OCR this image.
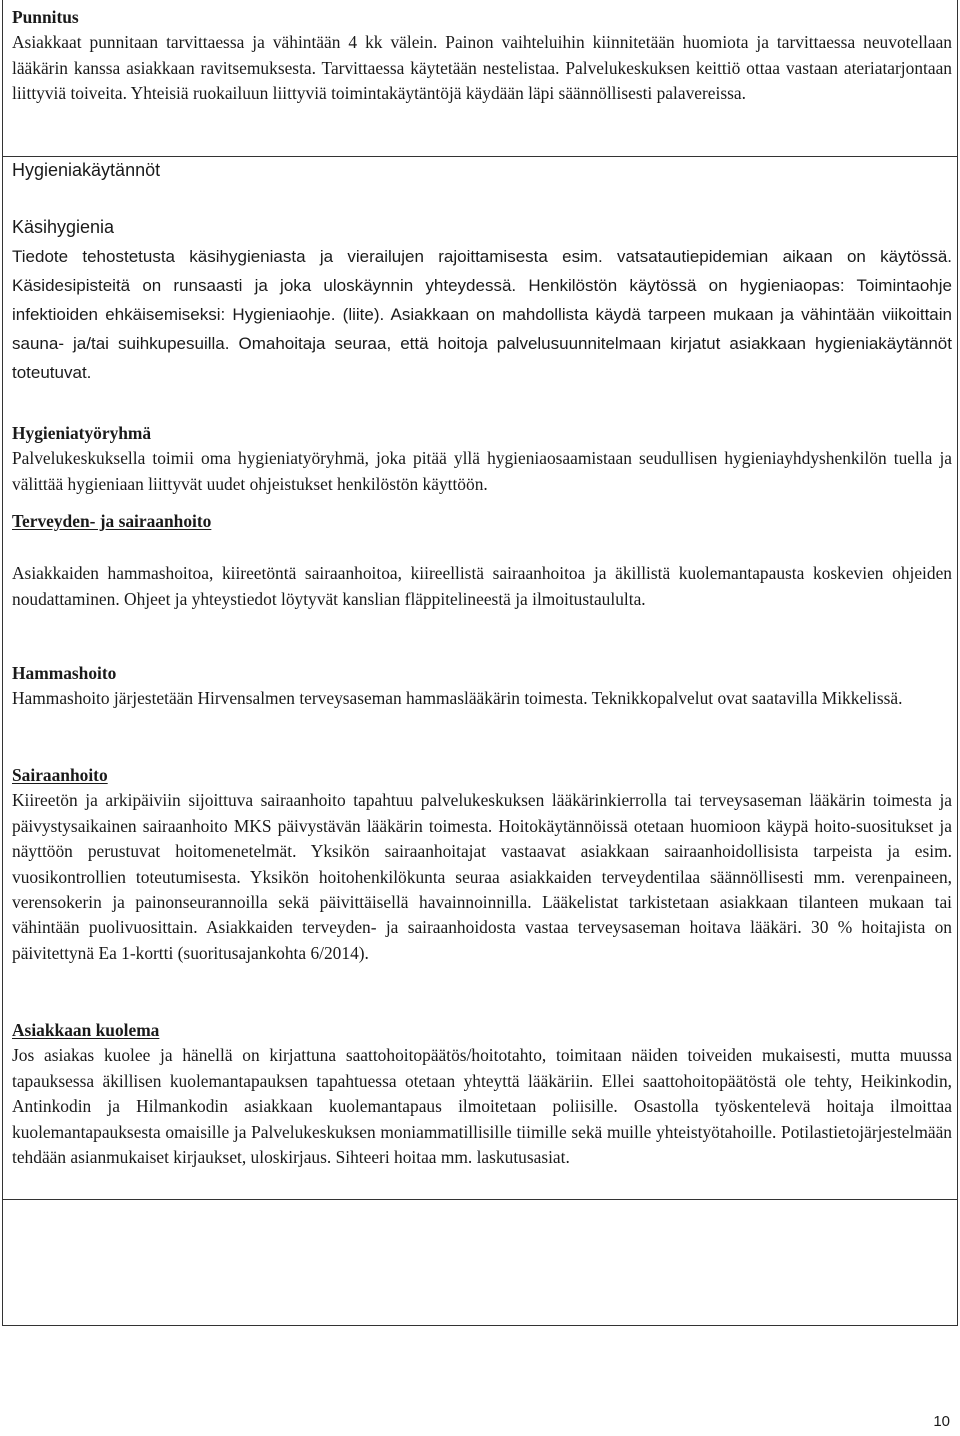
Punnitus

Asiakkaat punnitaan tarvittaessa ja vähintään 4 kk välein. Painon vaihteluihin kiinnitetään huomiota ja tarvittaessa neuvotellaan lääkärin kanssa asiakkaan ravitsemuksesta. Tarvittaessa käytetään nestelistaa. Palvelukeskuksen keittiö ottaa vastaan ateriatarjontaan liittyviä toiveita. Yhteisiä ruokailuun liittyviä toimintakäytäntöjä käydään läpi säännöllisesti palavereissa.

Hygieniakäytännöt
Käsihygienia

Tiedote tehostetusta käsihygieniasta ja vierailujen rajoittamisesta esim. vatsatautiepidemian aikaan on käytössä. Käsidesipisteitä on runsaasti ja joka uloskäynnin yhteydessä. Henkilöstön käytössä on hygieniaopas: Toimintaohje infektioiden ehkäisemiseksi: Hygieniaohje. (liite). Asiakkaan on mahdollista käydä tarpeen mukaan ja vähintään viikoittain sauna- ja/tai suihkupesuilla. Omahoitaja seuraa, että hoitoja palvelusuunnitelmaan kirjatut asiakkaan hygieniakäytännöt toteutuvat.

Hygieniatyöryhmä

Palvelukeskuksella toimii oma hygieniatyöryhmä, joka pitää yllä hygieniaosaamistaan seudullisen hygieniayhdyshenkilön tuella ja välittää hygieniaan liittyvät uudet ohjeistukset henkilöstön käyttöön.

Terveyden- ja sairaanhoito

Asiakkaiden hammashoitoa, kiireetöntä sairaanhoitoa, kiireellistä sairaanhoitoa ja äkillistä kuolemantapausta koskevien ohjeiden noudattaminen. Ohjeet ja yhteystiedot löytyvät kanslian fläppitelineestä ja ilmoitustaululta.

Hammashoito

Hammashoito järjestetään Hirvensalmen terveysaseman hammaslääkärin toimesta. Teknikkopalvelut ovat saatavilla Mikkelissä.

Sairaanhoito

Kiireetön ja arkipäiviin sijoittuva sairaanhoito tapahtuu palvelukeskuksen lääkärinkierrolla tai terveysaseman lääkärin toimesta ja päivystysaikainen sairaanhoito MKS päivystävän lääkärin toimesta. Hoitokäytännöissä otetaan huomioon käypä hoito-suositukset ja näyttöön perustuvat hoitomenetelmät. Yksikön sairaanhoitajat vastaavat asiakkaan sairaanhoidollisista tarpeista ja esim. vuosikontrollien toteutumisesta. Yksikön hoitohenkilökunta seuraa asiakkaiden terveydentilaa säännöllisesti mm. verenpaineen, verensokerin ja painonseurannoilla sekä päivittäisellä havainnoinnilla. Lääkelistat tarkistetaan asiakkaan tilanteen mukaan tai vähintään puolivuosittain. Asiakkaiden terveyden- ja sairaanhoidosta vastaa terveysaseman hoitava lääkäri. 30 % hoitajista on päivitettynä Ea 1-kortti (suoritusajankohta 6/2014).

Asiakkaan kuolema

Jos asiakas kuolee ja hänellä on kirjattuna saattohoitopäätös/hoitotahto, toimitaan näiden toiveiden mukaisesti, mutta muussa tapauksessa äkillisen kuolemantapauksen tapahtuessa otetaan yhteyttä lääkäriin. Ellei saattohoitopäätöstä ole tehty, Heikinkodin, Antinkodin ja Hilmankodin asiakkaan kuolemantapaus ilmoitetaan poliisille. Osastolla työskentelevä hoitaja ilmoittaa kuolemantapauksesta omaisille ja Palvelukeskuksen moniammatillisille tiimille sekä muille yhteistyötahoille. Potilastietojärjestelmään tehdään asianmukaiset kirjaukset, uloskirjaus. Sihteeri hoitaa mm. laskutusasiat.

10
